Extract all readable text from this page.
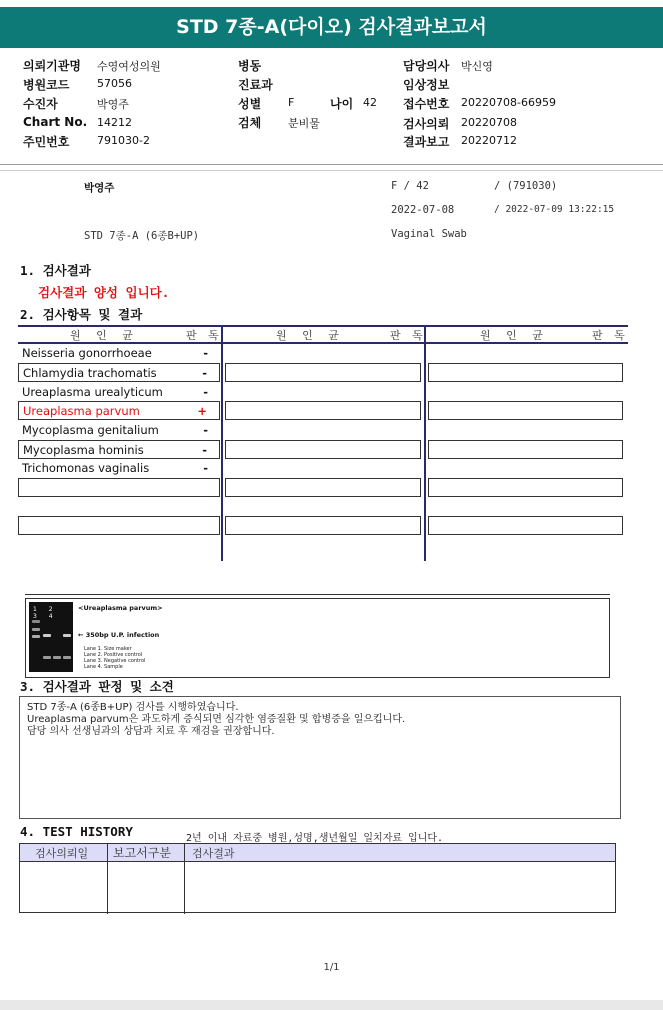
STD 7종-A(다이오) 검사결과보고서
의뢰기관명 수영여성의원
병원코드	57056
수진자	박영주
Chart No. 14212
주민번호	791030-2
병동
진료과
성별 F	나이 42
검체 분비물
담당의사 박신영
임상정보
접수번호 20220708-66959
검사의뢰 20220708
결과보고 20220712
박영주	F / 42	/ (791030)
2022-07-08	/ 2022-07-09 13:22:15
STD 7종-A (6종B+UP)	Vaginal Swab
1. 검사결과
검사결과 양성 입니다.
2. 검사항목 및 결과
원 인 균	판 독	원 인 균	판 독	원 인 균	판 독
Neisseria gonorrhoeae	-
Chlamydia trachomatis	-
Ureaplasma urealyticum	-
Ureaplasma parvum	+
Mycoplasma genitalium	-
Mycoplasma hominis	-
Trichomonas vaginalis	-
1 2 3 4
<Ureaplasma parvum>
← 350bp U.P. infection
Lane 1. Size maker
Lane 2. Positive control
Lane 3. Negative control
Lane 4. Sample
3. 검사결과 판정 및 소견
STD 7종-A (6종B+UP) 검사를 시행하였습니다.
Ureaplasma parvum은 과도하게 증식되면 심각한 염증질환 및 합병증을 일으킵니다.
담당 의사 선생님과의 상담과 치료 후 재검을 권장합니다.
4. TEST HISTORY	2년 이내 자료중 병원,성명,생년월일 일치자료 입니다.
검사의뢰일 보고서구분 검사결과
1/1
